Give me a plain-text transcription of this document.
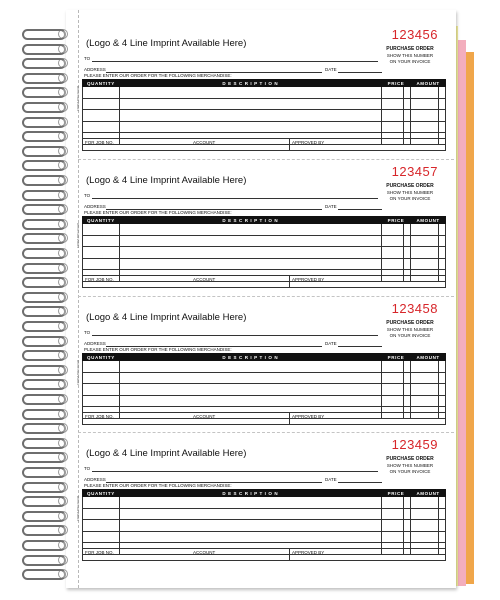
(Logo & 4 Line Imprint Available Here)
123456
PURCHASE ORDER
SHOW THIS NUMBER
ON YOUR INVOICE
TO
ADDRESS	DATE
PLEASE ENTER OUR ORDER FOR THE FOLLOWING MERCHANDISE:
FORM #PO-FOUR
QUANTITY	D E S C R I P T I O N	PRICE		AMOUNT	

FOR JOB NO.	ACCOUNT	APPROVED BY
(Logo & 4 Line Imprint Available Here)
123457
PURCHASE ORDER
SHOW THIS NUMBER
ON YOUR INVOICE
TO
ADDRESS	DATE
PLEASE ENTER OUR ORDER FOR THE FOLLOWING MERCHANDISE:
FORM #PO-FOUR
QUANTITY	D E S C R I P T I O N	PRICE		AMOUNT	

FOR JOB NO.	ACCOUNT	APPROVED BY
(Logo & 4 Line Imprint Available Here)
123458
PURCHASE ORDER
SHOW THIS NUMBER
ON YOUR INVOICE
TO
ADDRESS	DATE
PLEASE ENTER OUR ORDER FOR THE FOLLOWING MERCHANDISE:
FORM #PO-FOUR
QUANTITY	D E S C R I P T I O N	PRICE		AMOUNT	

FOR JOB NO.	ACCOUNT	APPROVED BY
(Logo & 4 Line Imprint Available Here)
123459
PURCHASE ORDER
SHOW THIS NUMBER
ON YOUR INVOICE
TO
ADDRESS	DATE
PLEASE ENTER OUR ORDER FOR THE FOLLOWING MERCHANDISE:
FORM #PO-FOUR
QUANTITY	D E S C R I P T I O N	PRICE		AMOUNT	

FOR JOB NO.	ACCOUNT	APPROVED BY
